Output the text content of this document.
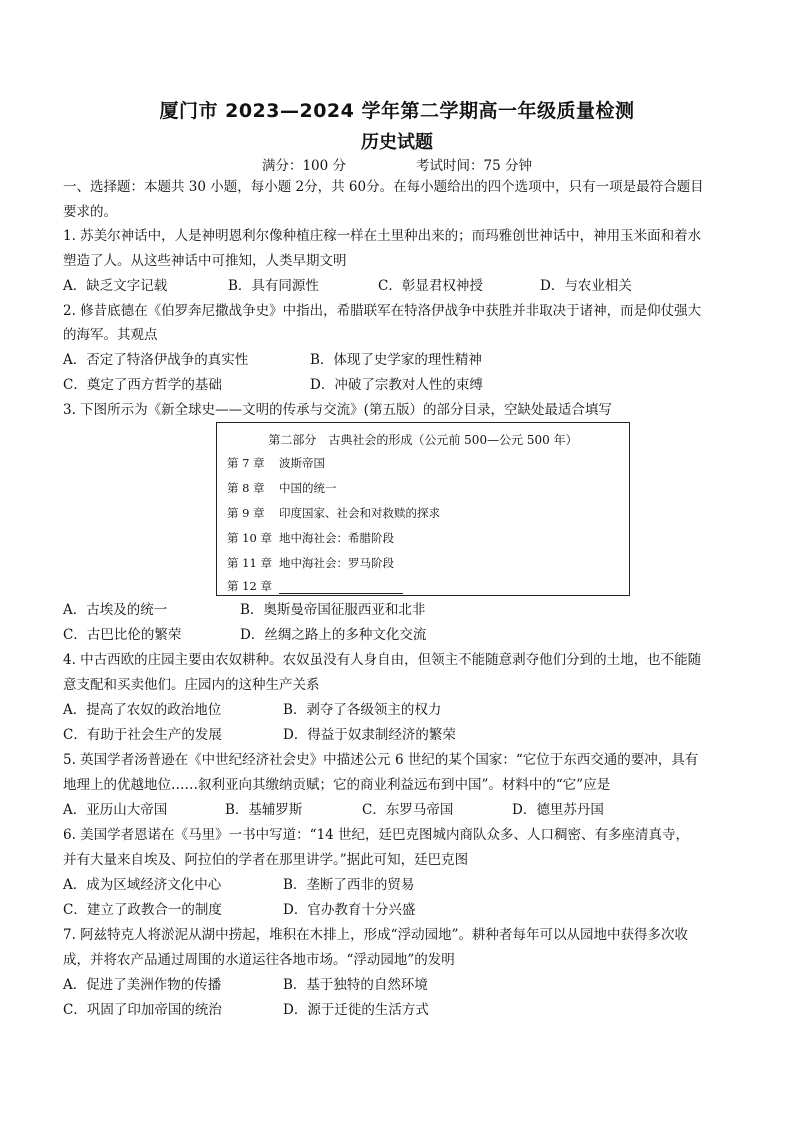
厦门市 2023—2024 学年第二学期高一年级质量检测
历史试题
满分：100 分	考试时间：75 分钟
一、选择题：本题共 30 小题，每小题 2分，共 60分。在每小题给出的四个选项中，只有一项是最符合题目
要求的。
1. 苏美尔神话中，人是神明恩利尔像种植庄稼一样在土里种出来的；而玛雅创世神话中，神用玉米面和着水
塑造了人。从这些神话中可推知，人类早期文明
A．缺乏文字记载	B．具有同源性	C．彰显君权神授	D．与农业相关
2. 修昔底德在《伯罗奔尼撒战争史》中指出，希腊联军在特洛伊战争中获胜并非取决于诸神，而是仰仗强大
的海军。其观点
A．否定了特洛伊战争的真实性	B．体现了史学家的理性精神
C．奠定了西方哲学的基础	D．冲破了宗教对人性的束缚
3. 下图所示为《新全球史——文明的传承与交流》(第五版）的部分目录，空缺处最适合填写
第二部分　古典社会的形成（公元前 500—公元 500 年）
第 7 章 波斯帝国
第 8 章 中国的统一
第 9 章 印度国家、社会和对救赎的探求
第 10 章 地中海社会：希腊阶段
第 11 章 地中海社会：罗马阶段
第 12 章
A．古埃及的统一	B．奥斯曼帝国征服西亚和北非
C．古巴比伦的繁荣	D．丝绸之路上的多种文化交流
4. 中古西欧的庄园主要由农奴耕种。农奴虽没有人身自由，但领主不能随意剥夺他们分到的土地，也不能随
意支配和买卖他们。庄园内的这种生产关系
A．提高了农奴的政治地位	B．剥夺了各级领主的权力
C．有助于社会生产的发展	D．得益于奴隶制经济的繁荣
5. 英国学者汤普逊在《中世纪经济社会史》中描述公元 6 世纪的某个国家：“它位于东西交通的要冲，具有
地理上的优越地位……叙利亚向其缴纳贡赋；它的商业利益远布到中国”。材料中的“它”应是
A．亚历山大帝国	B．基辅罗斯	C．东罗马帝国	D．德里苏丹国
6. 美国学者恩诺在《马里》一书中写道：“14 世纪，廷巴克图城内商队众多、人口稠密、有多座清真寺，
并有大量来自埃及、阿拉伯的学者在那里讲学。”据此可知，廷巴克图
A．成为区域经济文化中心	B．垄断了西非的贸易
C．建立了政教合一的制度	D．官办教育十分兴盛
7. 阿兹特克人将淤泥从湖中捞起，堆积在木排上，形成“浮动园地”。耕种者每年可以从园地中获得多次收
成，并将农产品通过周围的水道运往各地市场。“浮动园地”的发明
A．促进了美洲作物的传播	B．基于独特的自然环境
C．巩固了印加帝国的统治	D．源于迁徙的生活方式
